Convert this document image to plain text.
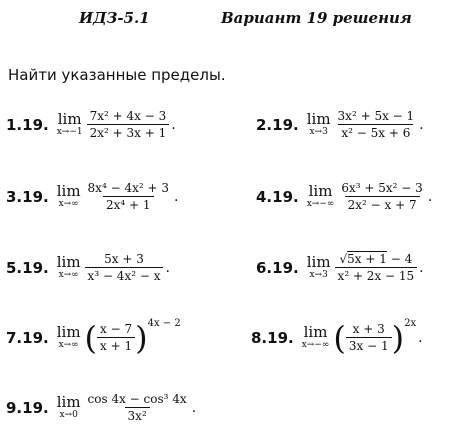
ИДЗ-5.1	Вариант 19 решения
Найти указанные пределы.
1.19. lim
$x\to-1 \frac{\text{7x² + 4x − 3}}{\text{2x² + 3x + 1}}$ .	2.19. lim
$x\to 3 \frac{\text{3x² + 5x − 1}}{\text{x² − 5x + 6}}$ .
3.19. lim
$x\to\infty \frac{\text{8x⁴ − 4x² + 3}}{\text{2x⁴ + 1}}$ .	4.19. lim
$x\to-\infty \frac{\text{6x³ + 5x² − 3}}{\text{2x² − x + 7}}$ .
5.19. lim
$x\to\infty \frac{5x + 3}{\text{x³ − 4x² − x}}$ .	6.19. lim
$x\to 3 \frac{√5x + 1 - 4}{\text{x² + 2x − 15}}$ .
7.19. lim
x→∞ ( $\frac{x - 7}{x + 1}$ ) 4x − 2
8.19. lim
x→−∞ ( $\frac{x + 3}{3x - 1}$ ) 2x
.
9.19. lim
$x\to 0 \frac{\text{cos 4x − cos³ 4x}}{\text{3x²}}$ .
